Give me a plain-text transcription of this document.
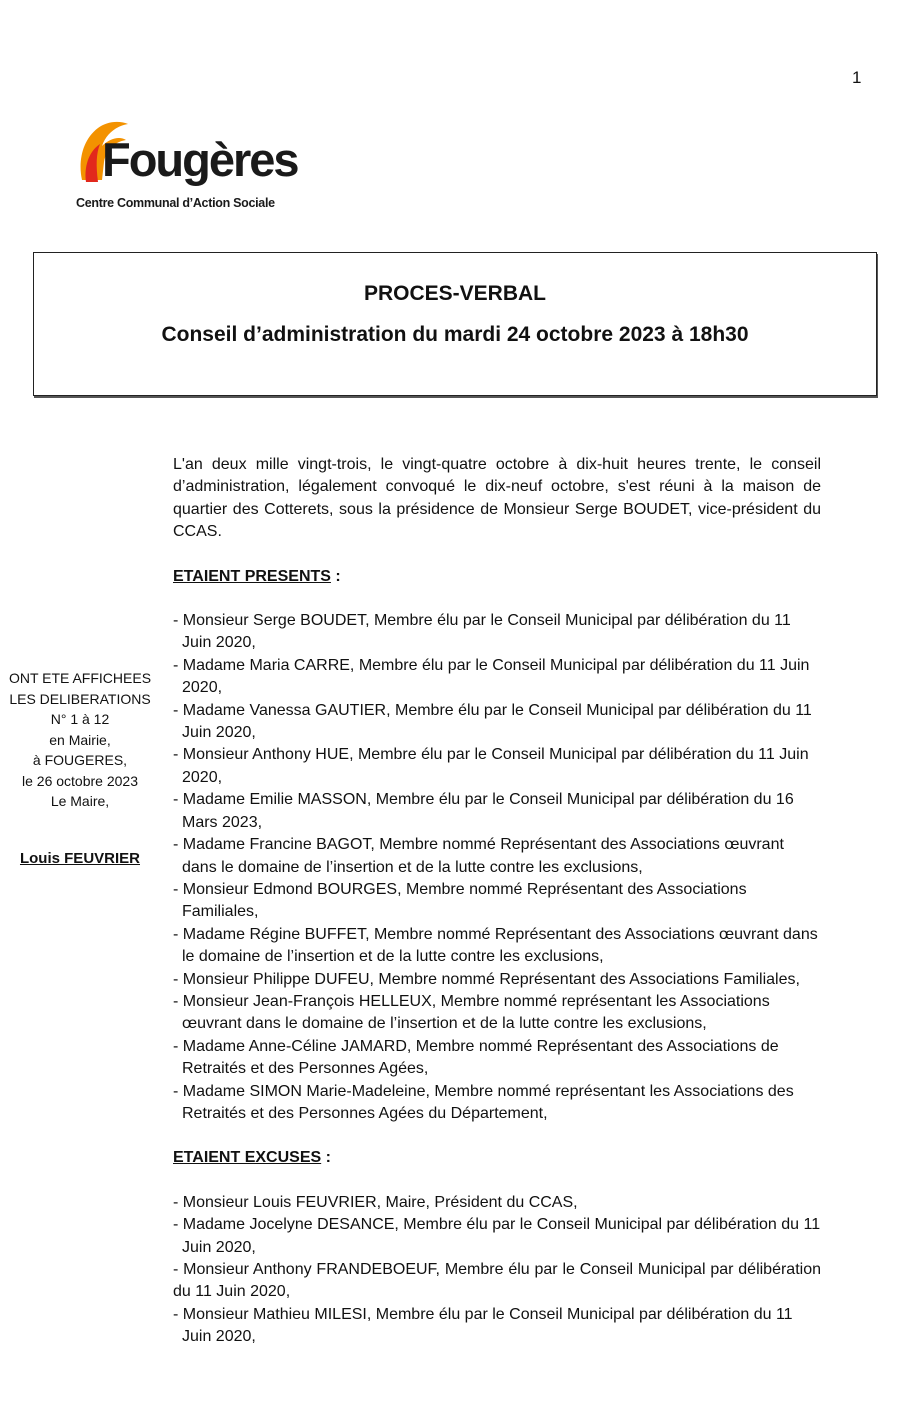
1
Fougères
Centre Communal d’Action Sociale
PROCES-VERBAL
Conseil d’administration du mardi 24 octobre 2023 à 18h30
ONT ETE AFFICHEES
LES DELIBERATIONS
N° 1 à 12
en Mairie,
à FOUGERES,
le 26 octobre 2023
Le Maire,
Louis FEUVRIER

L'an deux mille vingt-trois, le vingt-quatre octobre à dix-huit heures trente, le conseil d’administration, légalement convoqué le dix-neuf octobre, s'est réuni à la maison de quartier des Cotterets, sous la présidence de Monsieur Serge BOUDET, vice-président du CCAS.

ETAIENT PRESENTS :

- Monsieur Serge BOUDET, Membre élu par le Conseil Municipal par délibération du 11 Juin 2020,

- Madame Maria CARRE, Membre élu par le Conseil Municipal par délibération du 11 Juin 2020,

- Madame Vanessa GAUTIER, Membre élu par le Conseil Municipal par délibération du 11 Juin 2020,

- Monsieur Anthony HUE, Membre élu par le Conseil Municipal par délibération du 11 Juin 2020,

- Madame Emilie MASSON, Membre élu par le Conseil Municipal par délibération du 16 Mars 2023,

- Madame Francine BAGOT, Membre nommé Représentant des Associations œuvrant dans le domaine de l’insertion et de la lutte contre les exclusions,

- Monsieur Edmond BOURGES, Membre nommé Représentant des Associations Familiales,

- Madame Régine BUFFET, Membre nommé Représentant des Associations œuvrant dans le domaine de l’insertion et de la lutte contre les exclusions,

- Monsieur Philippe DUFEU, Membre nommé Représentant des Associations Familiales,

- Monsieur Jean-François HELLEUX, Membre nommé représentant les Associations œuvrant dans le domaine de l’insertion et de la lutte contre les exclusions,

- Madame Anne-Céline JAMARD, Membre nommé Représentant des Associations de Retraités et des Personnes Agées,

- Madame SIMON Marie-Madeleine, Membre nommé représentant les Associations des Retraités et des Personnes Agées du Département,

ETAIENT EXCUSES :

- Monsieur Louis FEUVRIER, Maire, Président du CCAS,

- Madame Jocelyne DESANCE, Membre élu par le Conseil Municipal par délibération du 11 Juin 2020,

- Monsieur Anthony FRANDEBOEUF, Membre élu par le Conseil Municipal par délibération du 11 Juin 2020,

- Monsieur Mathieu MILESI, Membre élu par le Conseil Municipal par délibération du 11 Juin 2020,
